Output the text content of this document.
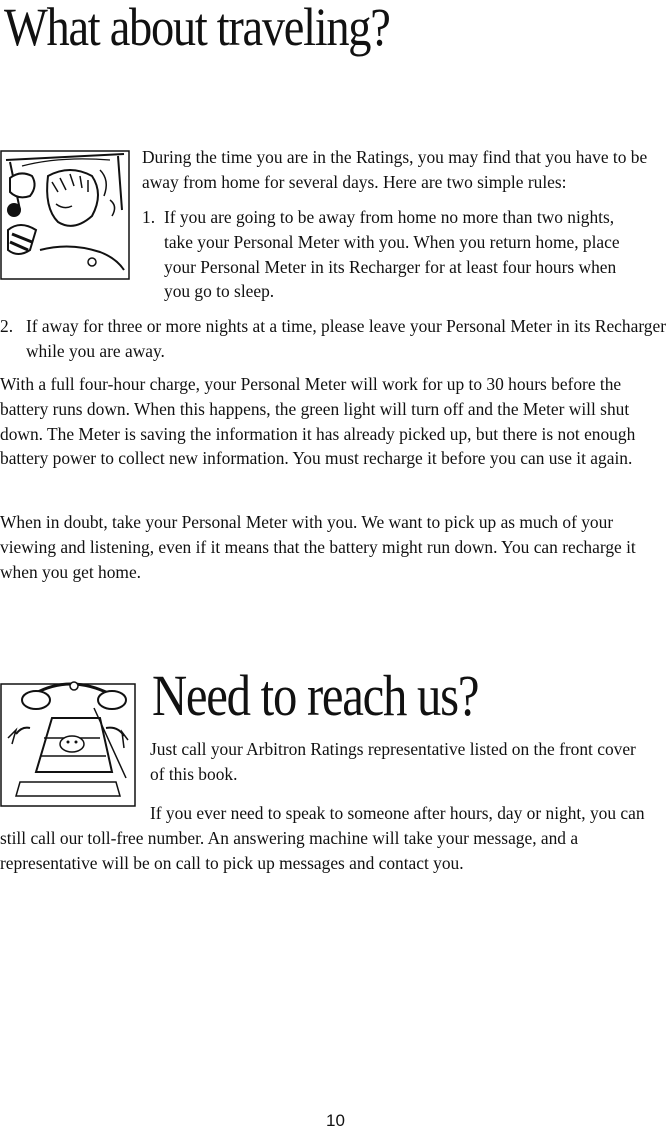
What about traveling?

During the time you are in the Ratings, you may find that you have to be away from home for several days. Here are two simple rules:

1. If you are going to be away from home no more than two nights, take your Personal Meter with you. When you return home, place your Personal Meter in its Recharger for at least four hours when you go to sleep.
2. If away for three or more nights at a time, please leave your Personal Meter in its Recharger while you are away.

With a full four-hour charge, your Personal Meter will work for up to 30 hours before the battery runs down. When this happens, the green light will turn off and the Meter will shut down. The Meter is saving the information it has already picked up, but there is not enough battery power to collect new information. You must recharge it before you can use it again.

When in doubt, take your Personal Meter with you. We want to pick up as much of your viewing and listening, even if it means that the battery might run down. You can recharge it when you get home.

Need to reach us?

Just call your Arbitron Ratings representative listed on the front cover of this book.

If you ever need to speak to someone after hours, day or night, you can still call our toll-free number. An answering machine will take your message, and a representative will be on call to pick up messages and contact you.

10
